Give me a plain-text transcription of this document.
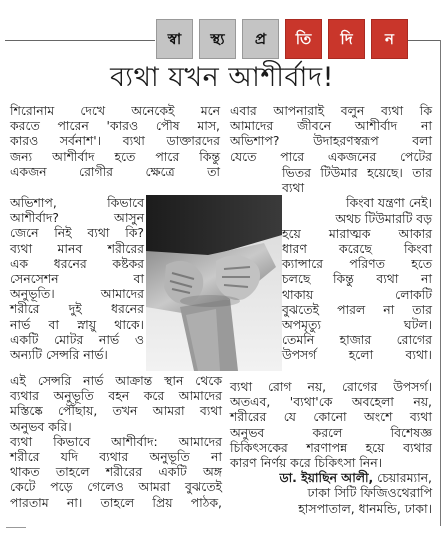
স্বা	স্থ্য	প্র	তি	দি	ন
ব্যথা যখন আশীর্বাদ!
শিরোনাম দেখে অনেকেই মনে
করতে পারেন 'কারও পৌষ মাস,
কারও সর্বনাশ'। ব্যথা ডাক্তারদের
জন্য আশীর্বাদ হতে পারে কিন্তু
একজন রোগীর ক্ষেত্রে তা
অভিশাপ, কিভাবে
আশীর্বাদ? আসুন
জেনে নিই ব্যথা কি?
ব্যথা মানব শরীরের
এক ধরনের কষ্টকর
সেনসেশন বা
অনুভূতি। আমাদের
শরীরে দুই ধরনের
নার্ভ বা স্নায়ু থাকে।
একটি মোটর নার্ভ ও
অন্যটি সেন্সরি নার্ভ।
এই সেন্সরি নার্ভ আক্রান্ত স্থান থেকে
ব্যথার অনুভূতি বহন করে আমাদের
মস্তিষ্কে পৌঁছায়, তখন আমরা ব্যথা
অনুভব করি।
ব্যথা কিভাবে আশীর্বাদ: আমাদের
শরীরে যদি ব্যথার অনুভূতি না
থাকত তাহলে শরীরের একটি অঙ্গ
কেটে পড়ে গেলেও আমরা বুঝতেই
পারতাম না। তাহলে প্রিয় পাঠক,
এবার আপনারাই বলুন ব্যথা কি
আমাদের জীবনে আশীর্বাদ না
অভিশাপ? উদাহরণস্বরূপ বলা
যেতে পারে একজনের পেটের
ভিতর টিউমার হয়েছে। তার ব্যথা
কিংবা যন্ত্রণা নেই।
অথচ টিউমারটি বড়
হয়ে মারাত্মক আকার
ধারণ করেছে কিংবা
ক্যান্সারে পরিণত হতে
চলছে কিন্তু ব্যথা না
থাকায় লোকটি
বুঝতেই পারল না তার
অপমৃত্যু ঘটল।
তেমনি হাজার রোগের
উপসর্গ হলো ব্যথা।
ব্যথা রোগ নয়, রোগের উপসর্গ।
অতএব, 'ব্যথা'কে অবহেলা নয়,
শরীরের যে কোনো অংশে ব্যথা
অনুভব করলে বিশেষজ্ঞ
চিকিৎসকের শরণাপন্ন হয়ে ব্যথার
কারণ নির্ণয় করে চিকিৎসা নিন।
ডা. ইয়াছিন আলী, চেয়ারম্যান,
ঢাকা সিটি ফিজিওথেরাপি
হাসপাতাল, ধানমন্ডি, ঢাকা।
